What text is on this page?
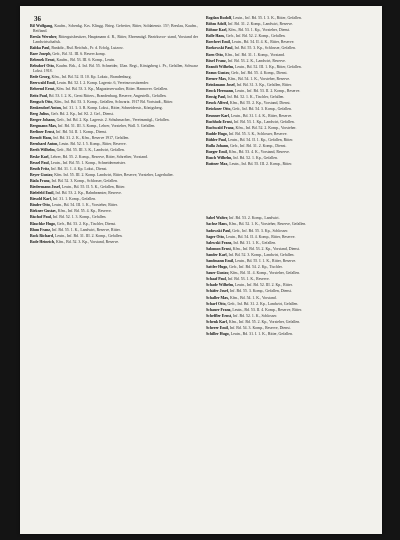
36

Bil Wolfgang, Kaufm., Schenkg. Krs. Klingg. Brieg. Gefreiter, Ritter, Soldatenstr. 15?; Breslau, Kaufm., Reiftand.

Bresla Wernher, Rittergutsbesitzer, Hauptmann d. R., Ritter, Ehrenmitgl. Bezirksvor- stand, Vorstand der Landwirtschaftsk.

Babka Paul, Bankdir., Bsd. Reichsb., Fr. d. Erfolg, Lutzow.

Bare Joseph, Gefr., Bd. 31. III. 6. Reserv.komp.

Bebenek Ernst, Kaufm., Bd. 53. III. 6. Komp., Leutn.

Bebsdorf Otto, Kaufm. Brk., 4. Inf. Bd. 55. Schneider, Ulan. Regt., Königsberg i. Pr., Gefallen, Schwarz Lokst. 1918.

Bede Georg, Kfm., Inf. Bd. 52. II. 10. Kp. Lokstr., Brandenburg.

Beerwald Emil, Leutn. Bd. 52. I. 2. Komp. Lagerstr. 6, Vereinsvorsitzender.

Behrend Ernst, Kfm. Inf. Bd. 53. 3. Kp., Magazinverwalter, Ritter. Hannover. Gefallen.

Beitz Paul, Bd. 53. I. 2. K., Gerst Ritters., Brandenburg, Reserve, Angestellt., Gefallen.

Bengsch Otto, Kfm., Inf. Bd. 53. 3. Komp., Gefallen, Schwartz. 1917 Bd. Vortstadt., Ritter.

Benkendorf Anton, Inf. 31. 1. 3. R. Komp. Lokst., Ritter, Schneiderstr., Königsberg.

Berg Julius, Gefr. Bd. 2. Kp., Inf. Kl. 2. Gef., Dienst.

Berger Johann, Gefr., Inf. Bd. 2. Kp. Lagerstr. 2. Schuhmacher., Vereinsmitgl., Gefallen.

Bergmann Max, Inf. Bd. 51. III. 3. Komp., Lehrer, Vorsteher, Wall. 5. Gefallen.

Berliner Ernst, Inf. Bd. 54. II. 1. Komp., Dienst.

Berndt Hans, Inf. Bd. 31. 2. K., Kfm., Reserve 1917, Gefallen.

Bernhard Anton, Leutn. Bd. 52. I. 5. Komp., Ritter, Reserve.

Berth Wilhelm, Gefr., Bd. 55. III. 3. K., Landwirt, Gefallen.

Beske Karl, Lehrer, Bd. 55. 2. Komp., Reserve, Ritter, Schreiber, Vorstand.

Bessel Paul, Leutn., Inf. Bd. 55. 1. Komp., Schneidermeister.

Beuth Fritz, Inf. Bd. 31. 1. 4. Kp. Lokst., Dienst.

Beyer Gustav, Kfm. Inf. 55. III. 2. Komp. Landwirt, Ritter, Reserve, Vorsteher, Lagerhalter.

Biala Franz, Inf. Bd. 52. 3. Komp., Schlosser, Gefallen.

Biedermann Josef, Leutn., Bd. 55. II. 5. K., Gefallen, Ritter.

Bielefeld Emil, Inf. Bd. 53. 2. Kp., Bahnbeamter, Reserve.

Biesold Karl, Inf. 31. 1. Komp., Gefallen.

Binder Otto, Leutn., Bd. 54. III. 1. K., Vorsteher, Ritter.

Birkner Gustav, Kfm., Inf. Bd. 55. 4. Kp., Reserve.

Bischof Paul, Inf. Bd. 52. 1. 3. Komp., Gefallen.

Blaschke Hugo, Gefr., Bd. 53. 2. Kp., Tischler, Dienst.

Blum Franz, Inf. Bd. 55. 1. K., Landwirt, Reserve, Ritter.

Bock Richard, Leutn., Inf. Bd. 31. III. 2. Komp., Gefallen.

Bode Heinrich, Kfm., Bd. 52. 3. Kp., Vorstand, Reserve.

Bogdan Rudolf, Leutn., Inf. Bd. 55. I. 3. K., Ritter, Gefallen.

Böhm Adolf, Inf. Bd. 31. 2. Komp., Landwirt, Reserve.

Böhme Karl, Kfm., Bd. 53. 1. Kp., Vorsteher, Dienst.

Bolle Hans, Gefr., Inf. Bd. 52. 2. Komp., Gefallen.

Borchert Emil, Leutn., Bd. 54. II. 4. K., Ritter, Reserve.

Borkowski Paul, Inf. Bd. 55. 3. Kp., Schlosser, Gefallen.

Born Otto, Kfm., Inf. Bd. 31. 1. Komp., Vorstand.

Bösel Franz, Inf. Bd. 53. 2. K., Landwirt, Reserve.

Brandt Wilhelm, Leutn., Bd. 52. III. 1. Kp., Ritter, Gefallen.

Braun Gustav, Gefr., Inf. Bd. 55. 4. Komp., Dienst.

Breuer Max, Kfm., Bd. 54. 1. K., Vorsteher, Reserve.

Brinkmann Josef, Inf. Bd. 31. 3. Kp., Gefallen, Ritter.

Brock Hermann, Leutn., Inf. Bd. 53. II. 2. Komp., Reserve.

Brosig Paul, Inf. Bd. 52. 1. K., Tischler, Gefallen.

Bruck Alfred, Kfm., Bd. 55. 2. Kp., Vorstand, Dienst.

Brückner Otto, Gefr., Inf. Bd. 54. 3. Komp., Gefallen.

Brunner Karl, Leutn., Bd. 31. I. 4. K., Ritter, Reserve.

Buchholz Ernst, Inf. Bd. 53. 1. Kp., Landwirt, Gefallen.

Buchwald Franz, Kfm., Inf. Bd. 52. 2. Komp., Vorsteher.

Budde Hugo, Inf. Bd. 55. 3. K., Schlosser, Reserve.

Bühler Paul, Leutn., Bd. 54. II. 1. Kp., Gefallen, Ritter.

Bulla Johann, Gefr., Inf. Bd. 31. 2. Komp., Dienst.

Burger Emil, Kfm., Bd. 53. 4. K., Vorstand, Reserve.

Busch Wilhelm, Inf. Bd. 52. 1. Kp., Gefallen.

Buttner Max, Leutn., Inf. Bd. 55. III. 2. Komp., Ritter.

Sabel Walter, Inf. Bd. 53. 2. Komp., Landwirt.

Sachse Hans, Kfm., Bd. 52. 1. K., Vorsteher, Reserve, Gefallen.

Sadowski Paul, Gefr., Inf. Bd. 55. 3. Kp., Schlosser.

Sager Otto, Leutn., Bd. 54. II. 4. Komp., Ritter, Reserve.

Salewski Franz, Inf. Bd. 31. 1. K., Gefallen.

Salomon Ernst, Kfm., Inf. Bd. 53. 2. Kp., Vorstand, Dienst.

Sander Karl, Inf. Bd. 52. 3. Komp., Landwirt, Gefallen.

Sandmann Emil, Leutn., Bd. 55. I. 1. K., Ritter, Reserve.

Sattler Hugo, Gefr., Inf. Bd. 54. 2. Kp., Tischler.

Sauer Gustav, Kfm., Bd. 31. 4. Komp., Vorsteher, Gefallen.

Schaaf Paul, Inf. Bd. 53. 1. K., Reserve.

Schade Wilhelm, Leutn., Inf. Bd. 52. III. 2. Kp., Ritter.

Schäfer Josef, Inf. Bd. 55. 3. Komp., Gefallen, Dienst.

Schaller Max, Kfm., Bd. 54. 1. K., Vorstand.

Scharf Otto, Gefr., Inf. Bd. 31. 2. Kp., Landwirt, Gefallen.

Schauer Franz, Leutn., Bd. 53. II. 4. Komp., Reserve, Ritter.

Scheffler Ernst, Inf. Bd. 52. 1. K., Schlosser.

Schenk Karl, Kfm., Inf. Bd. 55. 2. Kp., Vorsteher, Gefallen.

Scherer Emil, Inf. Bd. 54. 3. Komp., Reserve, Dienst.

Schiller Hugo, Leutn., Bd. 31. I. 1. K., Ritter, Gefallen.
